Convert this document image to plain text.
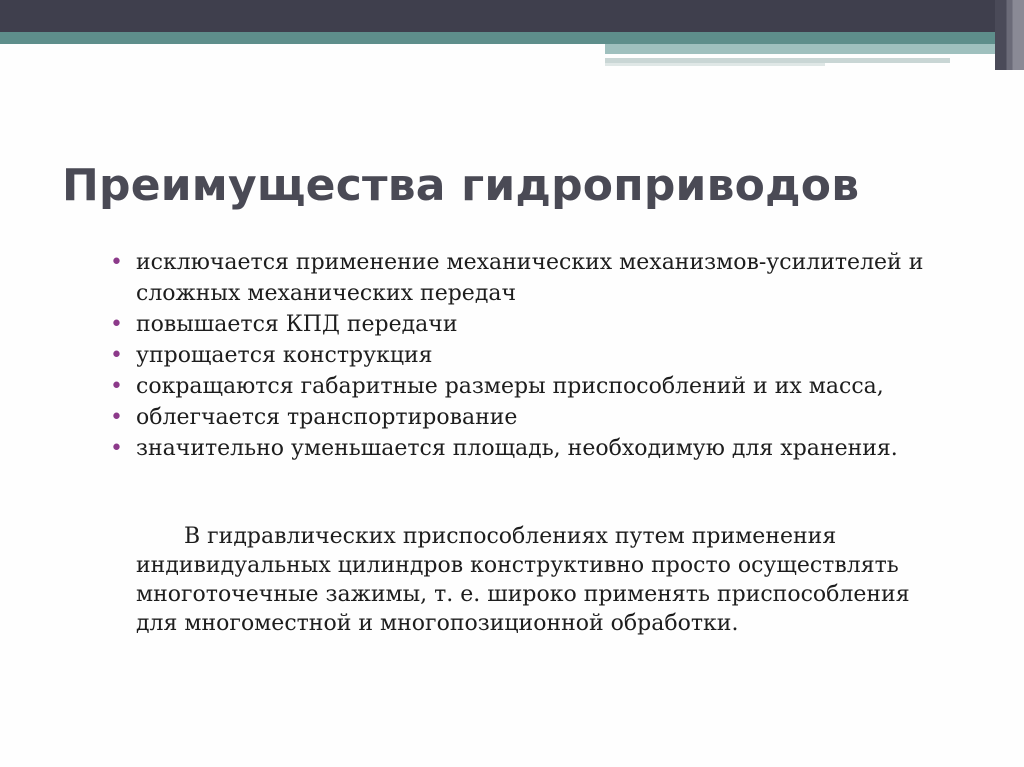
Преимущества гидроприводов
• исключается применение механических механизмов-усилителей и сложных механических передач
• повышается КПД передачи
• упрощается конструкция
• сокращаются габаритные размеры приспособлений и их масса,
• облегчается транспортирование
• значительно уменьшается площадь, необходимую для хранения.

В гидравлических приспособлениях путем применения индивидуальных цилиндров конструктивно просто осуществлять многоточечные зажимы, т. е. широко применять приспособления для многоместной и многопозиционной обработки.
